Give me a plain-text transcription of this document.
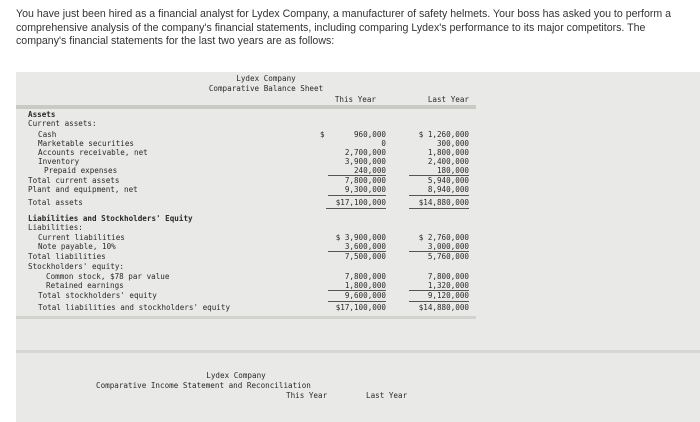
You have just been hired as a financial analyst for Lydex Company, a manufacturer of safety helmets. Your boss has asked you to perform a comprehensive analysis of the company's financial statements, including comparing Lydex's performance to its major competitors. The company's financial statements for the last two years are as follows:

Lydex Company
Comparative Balance Sheet
This Year	Last Year
Assets
Current assets:
Cash	$	960,000	$ 1,260,000
Marketable securities	0	300,000
Accounts receivable, net	2,700,000	1,800,000
Inventory	3,900,000	2,400,000
Prepaid expenses	240,000	180,000
Total current assets	7,800,000	5,940,000
Plant and equipment, net	9,300,000	8,940,000
Total assets	$17,100,000	$14,880,000
Liabilities and Stockholders' Equity
Liabilities:
Current liabilities	$ 3,900,000	$ 2,760,000
Note payable, 10%	3,600,000	3,000,000
Total liabilities	7,500,000	5,760,000
Stockholders' equity:
Common stock, $78 par value	7,800,000	7,800,000
Retained earnings	1,800,000	1,320,000
Total stockholders' equity	9,600,000	9,120,000
Total liabilities and stockholders' equity	$17,100,000	$14,880,000
Lydex Company
Comparative Income Statement and Reconciliation
This Year	Last Year
